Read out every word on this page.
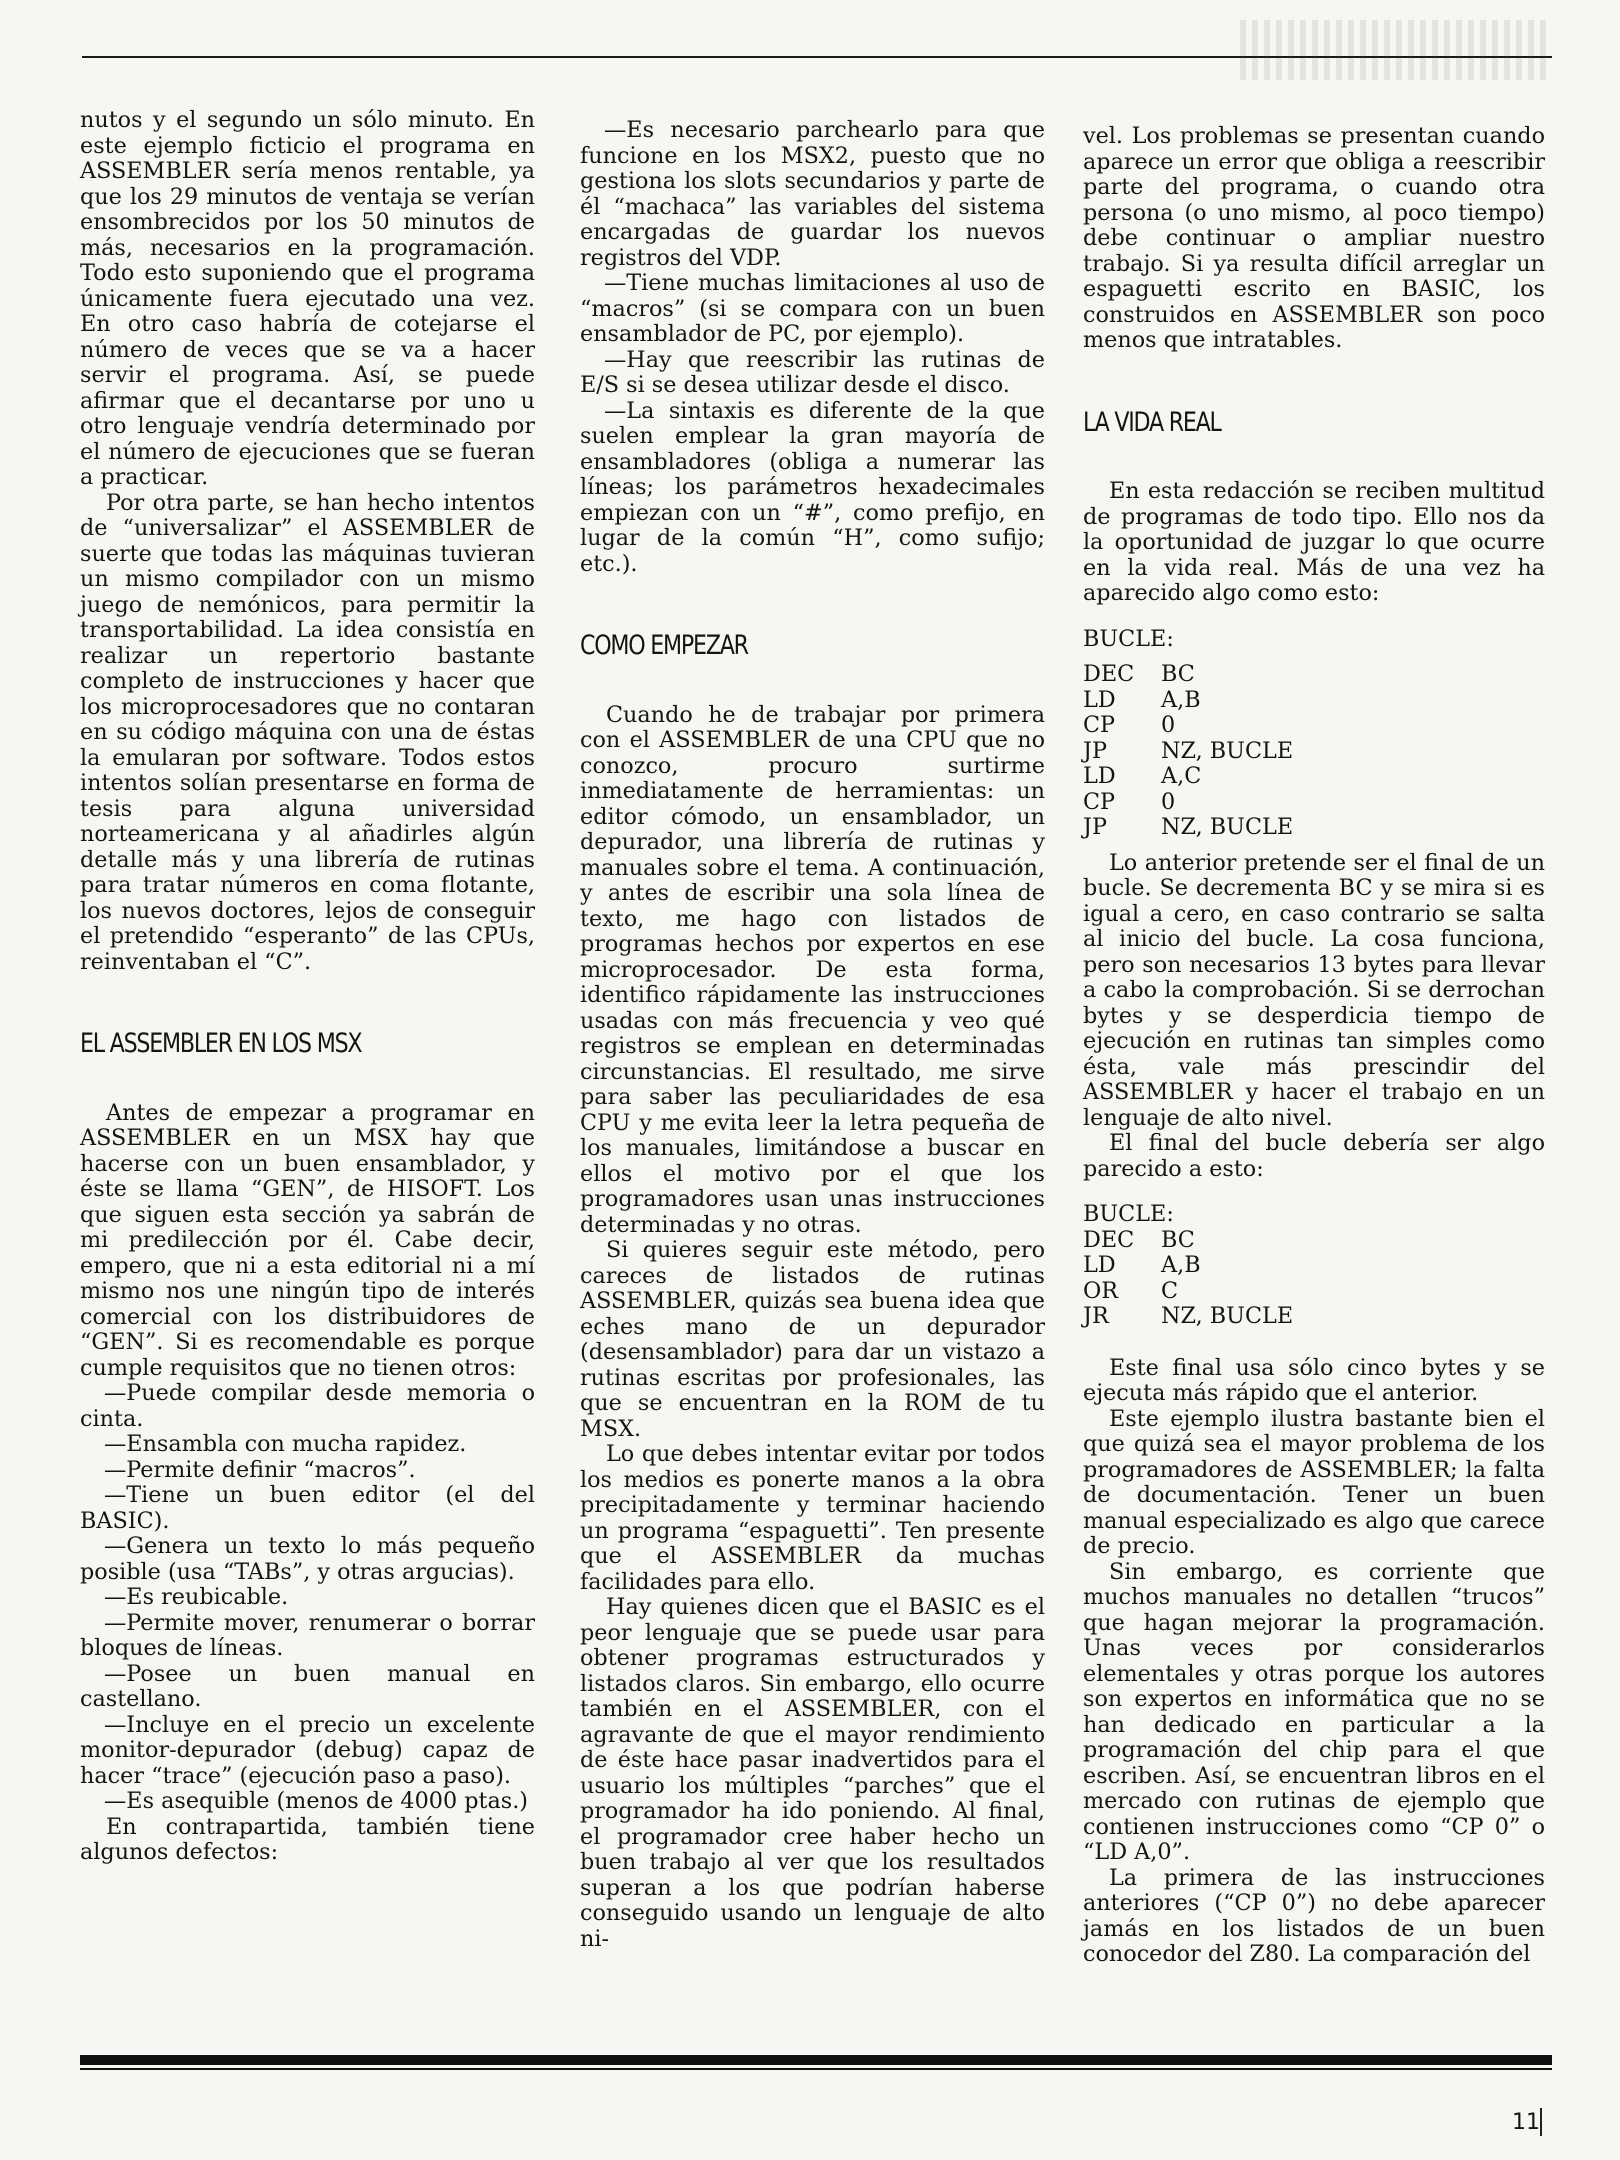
nutos y el segundo un sólo minuto. En este ejemplo ficticio el programa en ASSEMBLER sería menos rentable, ya que los 29 minutos de ventaja se verían ensombrecidos por los 50 minutos de más, necesarios en la programación. Todo esto suponiendo que el programa únicamente fuera ejecutado una vez. En otro caso habría de cotejarse el número de veces que se va a hacer servir el programa. Así, se puede afirmar que el decantarse por uno u otro lenguaje vendría determinado por el número de ejecuciones que se fueran a practicar.

Por otra parte, se han hecho intentos de “universalizar” el ASSEMBLER de suerte que todas las máquinas tuvieran un mismo compilador con un mismo juego de nemónicos, para permitir la transportabilidad. La idea consistía en realizar un repertorio bastante completo de instrucciones y hacer que los microprocesadores que no contaran en su código máquina con una de éstas la emularan por software. Todos estos intentos solían presentarse en forma de tesis para alguna universidad norteamericana y al añadirles algún detalle más y una librería de rutinas para tratar números en coma flotante, los nuevos doctores, lejos de conseguir el pretendido “esperanto” de las CPUs, reinventaban el “C”.

EL ASSEMBLER EN LOS MSX

Antes de empezar a programar en ASSEMBLER en un MSX hay que hacerse con un buen ensamblador, y éste se llama “GEN”, de HISOFT. Los que siguen esta sección ya sabrán de mi predilección por él. Cabe decir, empero, que ni a esta editorial ni a mí mismo nos une ningún tipo de interés comercial con los distribuidores de “GEN”. Si es recomendable es porque cumple requisitos que no tienen otros:

—Puede compilar desde memoria o cinta.

—Ensambla con mucha rapidez.

—Permite definir “macros”.

—Tiene un buen editor (el del BASIC).

—Genera un texto lo más pequeño posible (usa “TABs”, y otras argucias).

—Es reubicable.

—Permite mover, renumerar o borrar bloques de líneas.

—Posee un buen manual en castellano.

—Incluye en el precio un excelente monitor-depurador (debug) capaz de hacer “trace” (ejecución paso a paso).

—Es asequible (menos de 4000 ptas.)

En contrapartida, también tiene algunos defectos:

—Es necesario parchearlo para que funcione en los MSX2, puesto que no gestiona los slots secundarios y parte de él “machaca” las variables del sistema encargadas de guardar los nuevos registros del VDP.

—Tiene muchas limitaciones al uso de “macros” (si se compara con un buen ensamblador de PC, por ejemplo).

—Hay que reescribir las rutinas de E/S si se desea utilizar desde el disco.

—La sintaxis es diferente de la que suelen emplear la gran mayoría de ensambladores (obliga a numerar las líneas; los parámetros hexadecimales empiezan con un “#”, como prefijo, en lugar de la común “H”, como sufijo; etc.).

COMO EMPEZAR

Cuando he de trabajar por primera con el ASSEMBLER de una CPU que no conozco, procuro surtirme inmediatamente de herramientas: un editor cómodo, un ensamblador, un depurador, una librería de rutinas y manuales sobre el tema. A continuación, y antes de escribir una sola línea de texto, me hago con listados de programas hechos por expertos en ese microprocesador. De esta forma, identifico rápidamente las instrucciones usadas con más frecuencia y veo qué registros se emplean en determinadas circunstancias. El resultado, me sirve para saber las peculiaridades de esa CPU y me evita leer la letra pequeña de los manuales, limitándose a buscar en ellos el motivo por el que los programadores usan unas instrucciones determinadas y no otras.

Si quieres seguir este método, pero careces de listados de rutinas ASSEMBLER, quizás sea buena idea que eches mano de un depurador (desensamblador) para dar un vistazo a rutinas escritas por profesionales, las que se encuentran en la ROM de tu MSX.

Lo que debes intentar evitar por todos los medios es ponerte manos a la obra precipitadamente y terminar haciendo un programa “espaguetti”. Ten presente que el ASSEMBLER da muchas facilidades para ello.

Hay quienes dicen que el BASIC es el peor lenguaje que se puede usar para obtener programas estructurados y listados claros. Sin embargo, ello ocurre también en el ASSEMBLER, con el agravante de que el mayor rendimiento de éste hace pasar inadvertidos para el usuario los múltiples “parches” que el programador ha ido poniendo. Al final, el programador cree haber hecho un buen trabajo al ver que los resultados superan a los que podrían haberse conseguido usando un lenguaje de alto ni-

vel. Los problemas se presentan cuando aparece un error que obliga a reescribir parte del programa, o cuando otra persona (o uno mismo, al poco tiempo) debe continuar o ampliar nuestro trabajo. Si ya resulta difícil arreglar un espaguetti escrito en BASIC, los construidos en ASSEMBLER son poco menos que intratables.

LA VIDA REAL

En esta redacción se reciben multitud de programas de todo tipo. Ello nos da la oportunidad de juzgar lo que ocurre en la vida real. Más de una vez ha aparecido algo como esto:

BUCLE:
DEC	BC
LD	A,B
CP	0
JP	NZ, BUCLE
LD	A,C
CP	0
JP	NZ, BUCLE

Lo anterior pretende ser el final de un bucle. Se decrementa BC y se mira si es igual a cero, en caso contrario se salta al inicio del bucle. La cosa funciona, pero son necesarios 13 bytes para llevar a cabo la comprobación. Si se derrochan bytes y se desperdicia tiempo de ejecución en rutinas tan simples como ésta, vale más prescindir del ASSEMBLER y hacer el trabajo en un lenguaje de alto nivel.

El final del bucle debería ser algo parecido a esto:

BUCLE:
DEC	BC
LD	A,B
OR	C
JR	NZ, BUCLE

Este final usa sólo cinco bytes y se ejecuta más rápido que el anterior.

Este ejemplo ilustra bastante bien el que quizá sea el mayor problema de los programadores de ASSEMBLER; la falta de documentación. Tener un buen manual especializado es algo que carece de precio.

Sin embargo, es corriente que muchos manuales no detallen “trucos” que hagan mejorar la programación. Unas veces por considerarlos elementales y otras porque los autores son expertos en informática que no se han dedicado en particular a la programación del chip para el que escriben. Así, se encuentran libros en el mercado con rutinas de ejemplo que contienen instrucciones como “CP 0” o “LD A,0”.

La primera de las instrucciones anteriores (“CP 0”) no debe aparecer jamás en los listados de un buen conocedor del Z80. La comparación del

11
